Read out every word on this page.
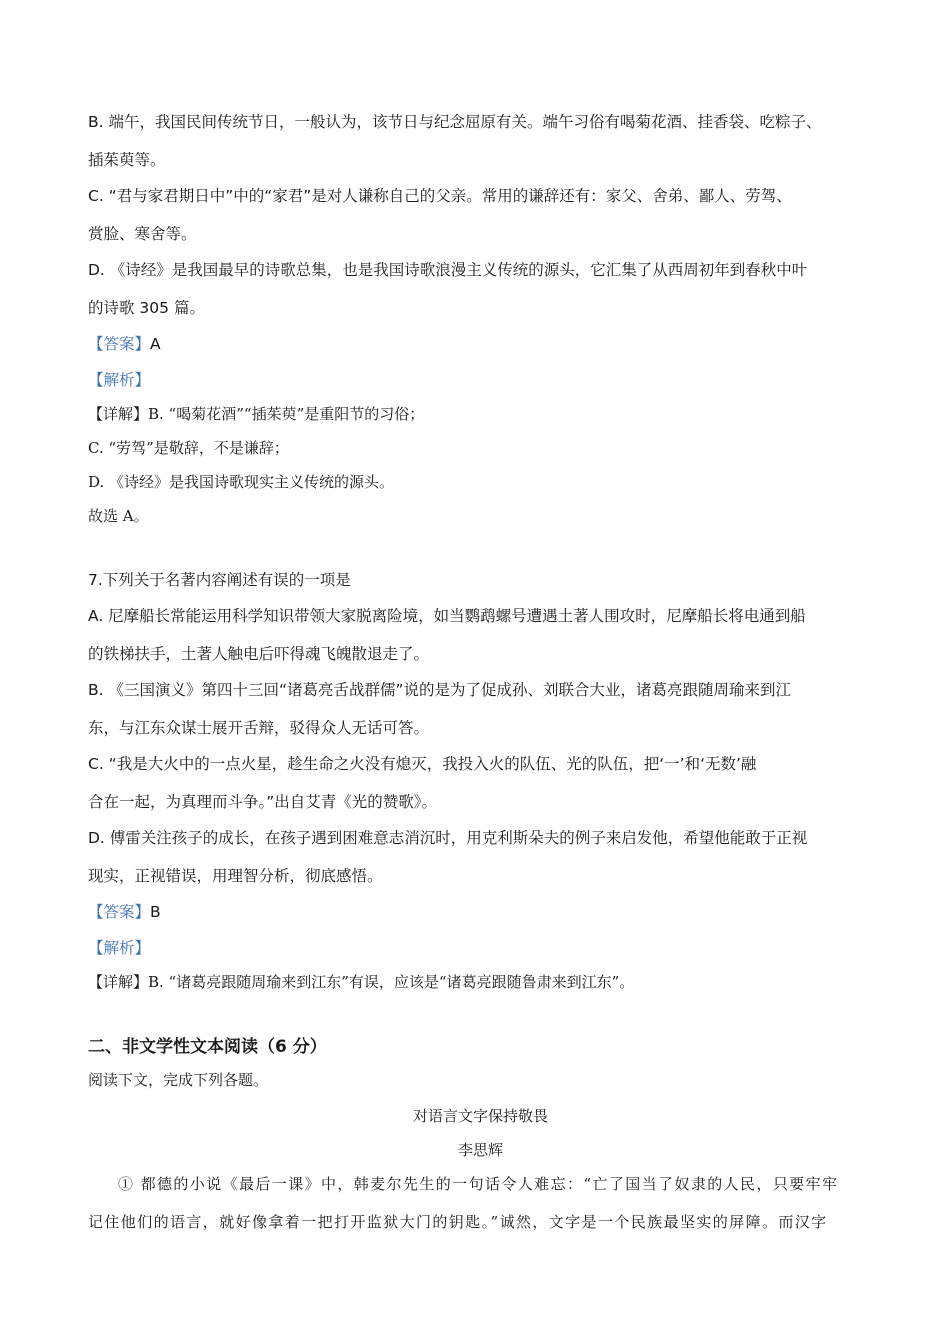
B. 端午，我国民间传统节日，一般认为，该节日与纪念屈原有关。端午习俗有喝菊花酒、挂香袋、吃粽子、

插茱萸等。

C. “君与家君期日中”中的“家君”是对人谦称自己的父亲。常用的谦辞还有：家父、舍弟、鄙人、劳驾、

赏脸、寒舍等。

D. 《诗经》是我国最早的诗歌总集，也是我国诗歌浪漫主义传统的源头，它汇集了从西周初年到春秋中叶

的诗歌 305 篇。

【答案】A

【解析】

【详解】B. “喝菊花酒”“插茱萸”是重阳节的习俗；

C. “劳驾”是敬辞，不是谦辞；

D. 《诗经》是我国诗歌现实主义传统的源头。

故选 A。

7.下列关于名著内容阐述有误的一项是

A. 尼摩船长常能运用科学知识带领大家脱离险境，如当鹦鹉螺号遭遇土著人围攻时，尼摩船长将电通到船

的铁梯扶手，土著人触电后吓得魂飞魄散退走了。

B. 《三国演义》第四十三回“诸葛亮舌战群儒”说的是为了促成孙、刘联合大业，诸葛亮跟随周瑜来到江

东，与江东众谋士展开舌辩，驳得众人无话可答。

C. “我是大火中的一点火星，趁生命之火没有熄灭，我投入火的队伍、光的队伍，把‘一’和‘无数’融

合在一起，为真理而斗争。”出自艾青《光的赞歌》。

D. 傅雷关注孩子的成长，在孩子遇到困难意志消沉时，用克利斯朵夫的例子来启发他，希望他能敢于正视

现实，正视错误，用理智分析，彻底感悟。

【答案】B

【解析】

【详解】B. “诸葛亮跟随周瑜来到江东”有误，应该是“诸葛亮跟随鲁肃来到江东”。

二、非文学性文本阅读（6 分）

阅读下文，完成下列各题。

对语言文字保持敬畏

李思辉

① 都德的小说《最后一课》中，韩麦尔先生的一句话令人难忘：“亡了国当了奴隶的人民，只要牢牢

记住他们的语言，就好像拿着一把打开监狱大门的钥匙。”诚然，文字是一个民族最坚实的屏障。而汉字
